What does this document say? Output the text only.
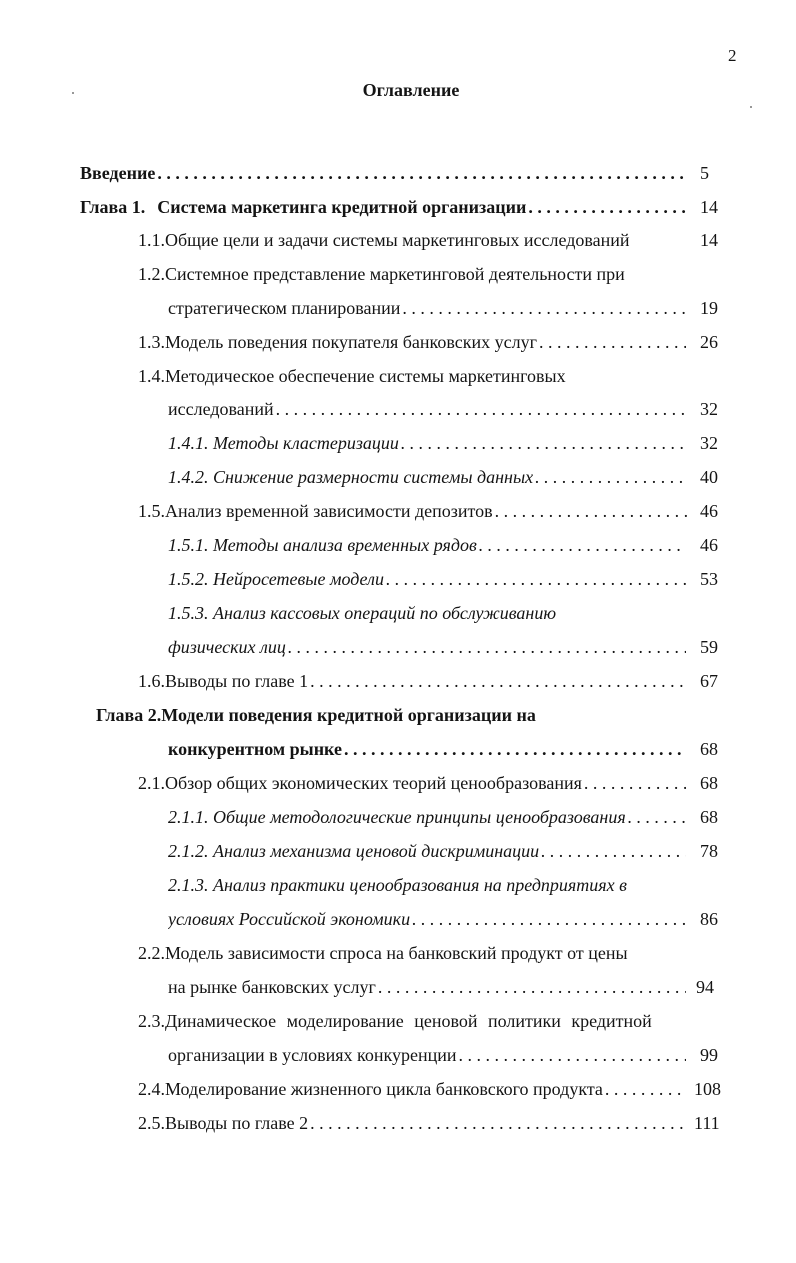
2
Оглавление
Введение . . .	5
Глава 1. Система маркетинга кредитной организации . . .	14
1.1.Общие цели и задачи системы маркетинговых исследований	14
1.2.Системное представление маркетинговой деятельности при
стратегическом планировании . . .	19
1.3.Модель поведения покупателя банковских услуг . . .	26
1.4.Методическое обеспечение системы маркетинговых
исследований . . .	32
1.4.1. Методы кластеризации . . .	32
1.4.2. Снижение размерности системы данных . . .	40
1.5.Анализ временной зависимости депозитов . . .	46
1.5.1. Методы анализа временных рядов . . .	46
1.5.2. Нейросетевые модели . . .	53
1.5.3. Анализ кассовых операций по обслуживанию
физических лиц . . .	59
1.6.Выводы по главе 1 . . .	67
Глава 2.Модели поведения кредитной организации на
конкурентном рынке . . .	68
2.1.Обзор общих экономических теорий ценообразования . . .	68
2.1.1. Общие методологические принципы ценообразования . . .	68
2.1.2. Анализ механизма ценовой дискриминации . . .	78
2.1.3. Анализ практики ценообразования на предприятиях в
условиях Российской экономики . . .	86
2.2.Модель зависимости спроса на банковский продукт от цены
на рынке банковских услуг . . .	94
2.3.Динамическое моделирование ценовой политики кредитной
организации в условиях конкуренции . . .	99
2.4.Моделирование жизненного цикла банковского продукта . . .	108
2.5.Выводы по главе 2 . . .	111
